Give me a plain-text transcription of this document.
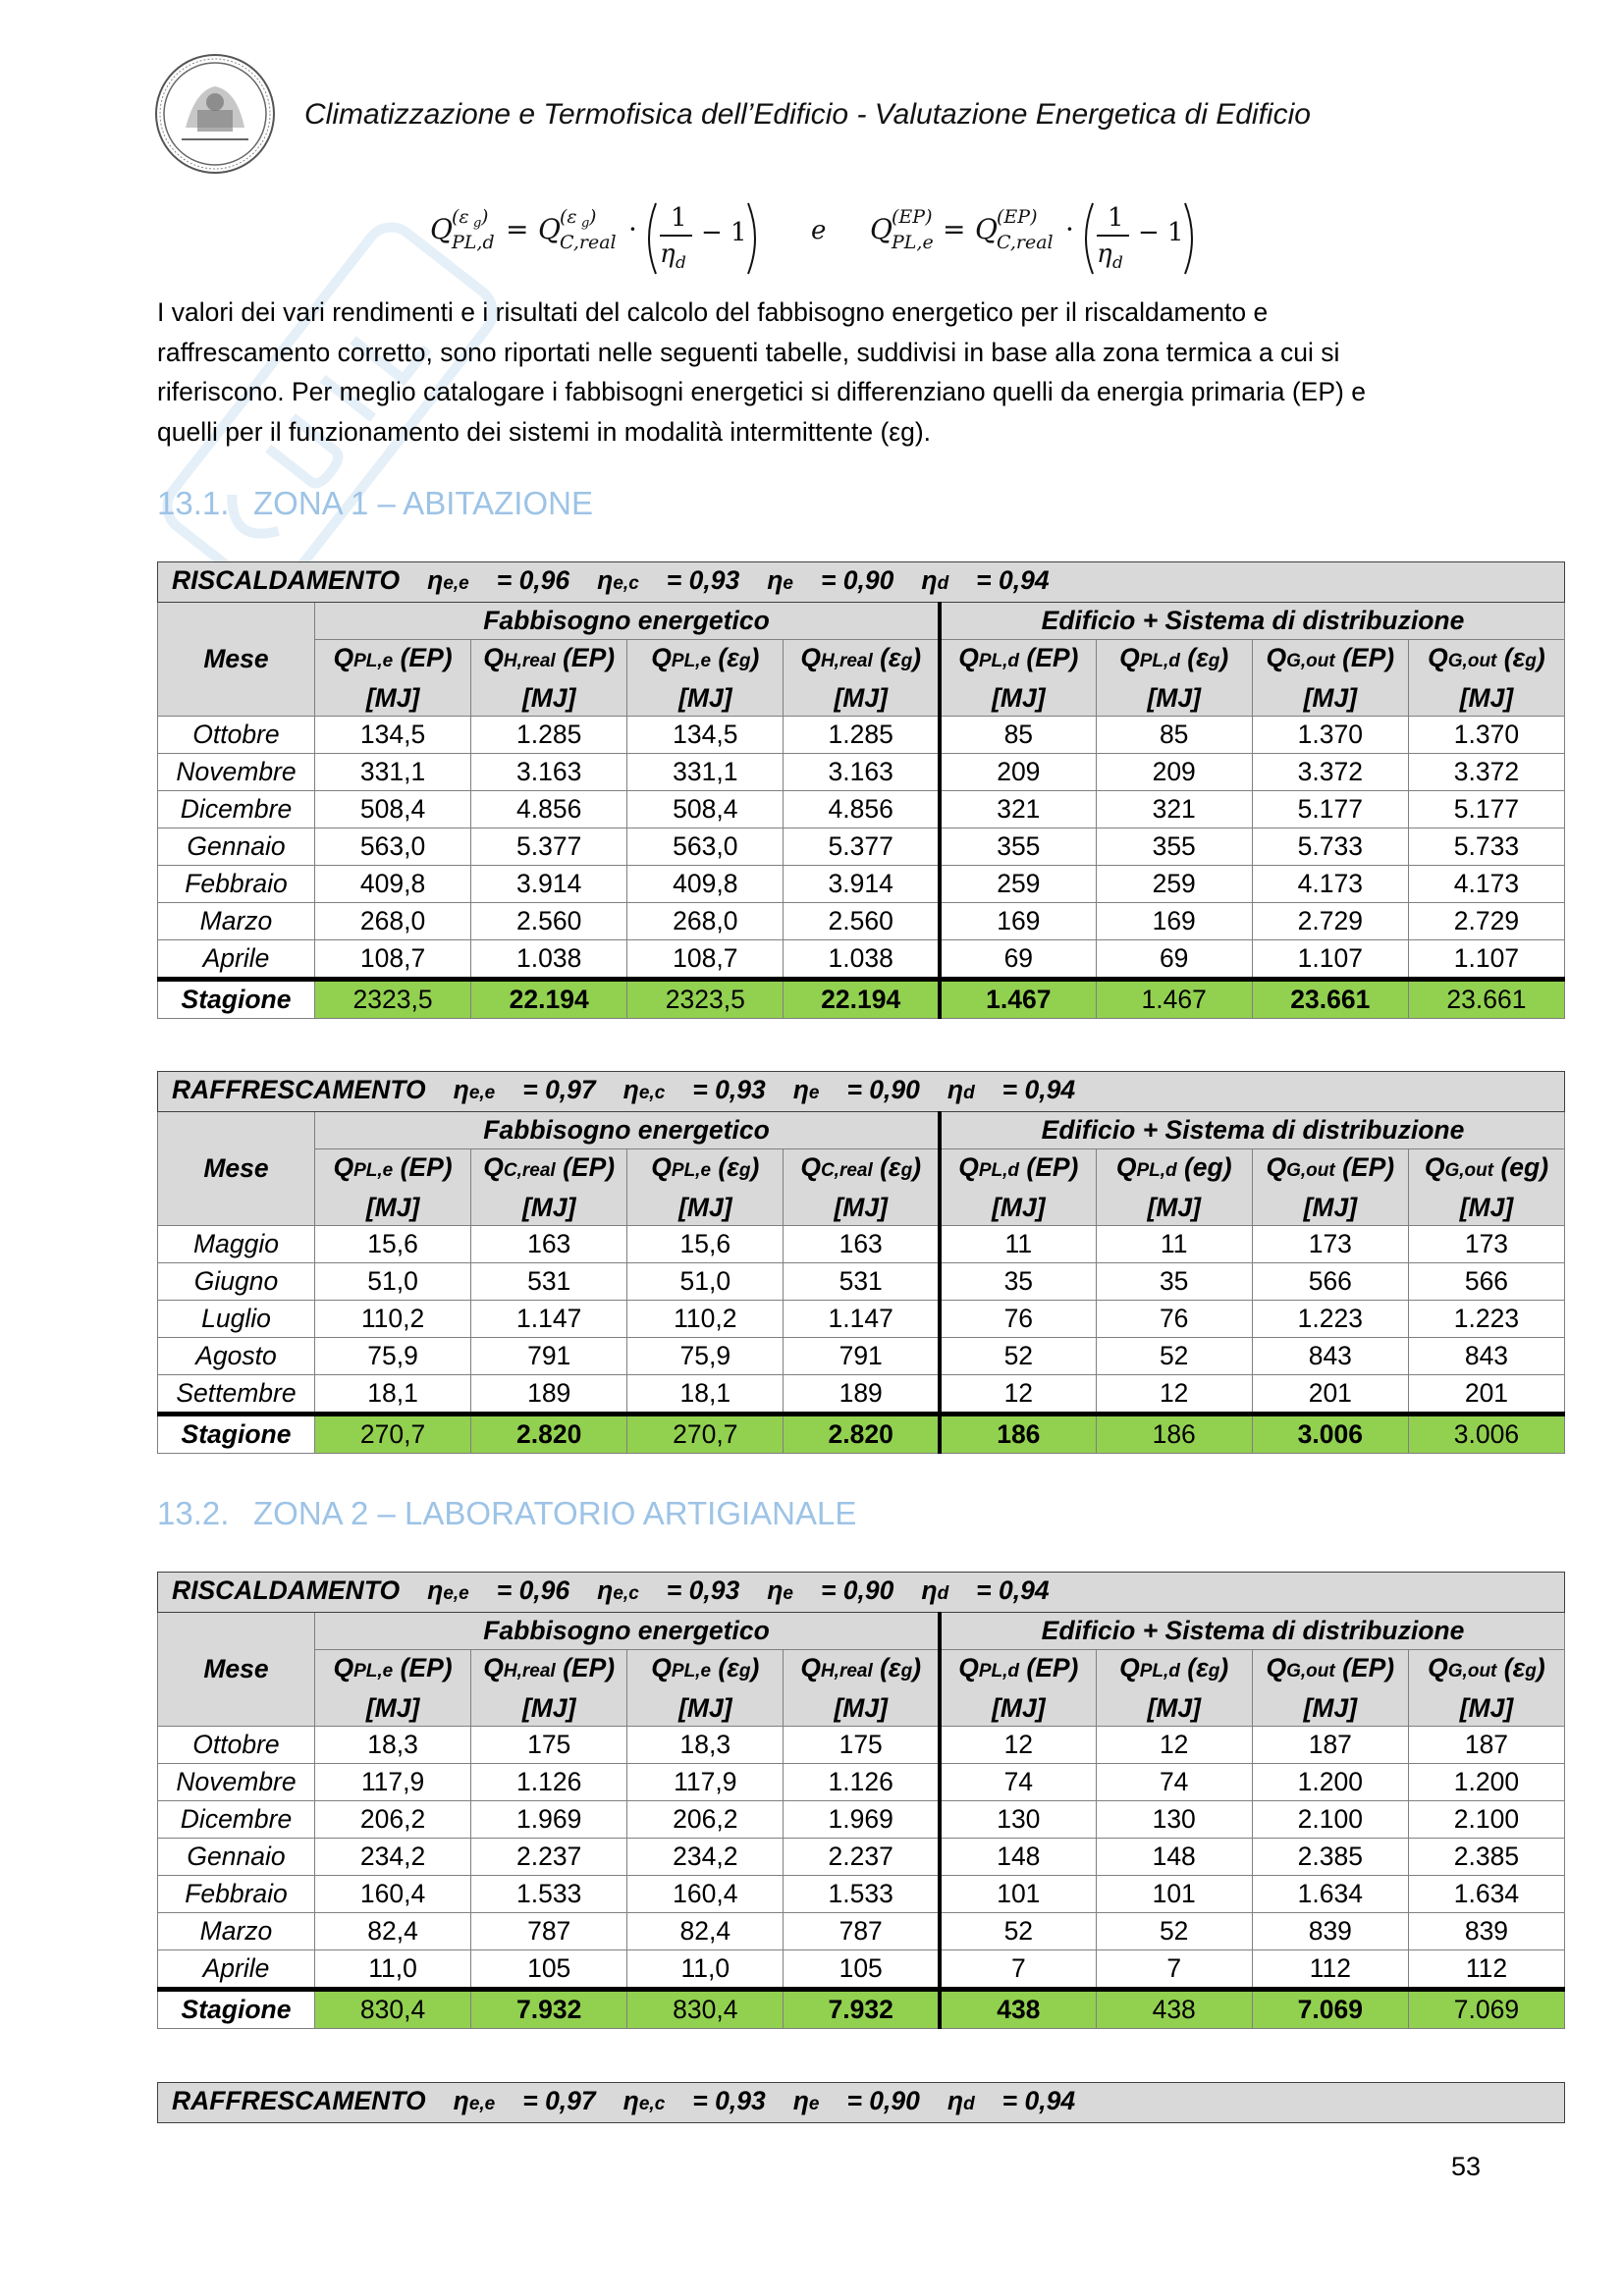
Climatizzazione e Termofisica dell’Edificio - Valutazione Energetica di Edificio
Q (ε g )
PL,d = Q (ε g )
C,real · 1
η d
− 1	e Q (EP)
PL,e = Q (EP)
C,real · 1
η d
− 1

I valori dei vari rendimenti e i risultati del calcolo del fabbisogno energetico per il riscaldamento e
raffrescamento corretto, sono riportati nelle seguenti tabelle, suddivisi in base alla zona termica a cui si
riferiscono. Per meglio catalogare i fabbisogni energetici si differenziano quelli da energia primaria (EP) e
quelli per il funzionamento dei sistemi in modalità intermittente (εg).

13.1. ZONA 1 – ABITAZIONE
RISCALDAMENTO ηe,e = 0,96 ηe,c = 0,93 ηe = 0,90 ηd = 0,94								
Mese	Fabbisogno energetico				Edificio + Sistema di distribuzione			
	QPL,e (EP)	QH,real (EP)	QPL,e (εg)	QH,real (εg)	QPL,d (EP)	QPL,d (εg)	QG,out (EP)	QG,out (εg)
	[MJ]	[MJ]	[MJ]	[MJ]	[MJ]	[MJ]	[MJ]	[MJ]
Ottobre	134,5	1.285	134,5	1.285	85	85	1.370	1.370
Novembre	331,1	3.163	331,1	3.163	209	209	3.372	3.372
Dicembre	508,4	4.856	508,4	4.856	321	321	5.177	5.177
Gennaio	563,0	5.377	563,0	5.377	355	355	5.733	5.733
Febbraio	409,8	3.914	409,8	3.914	259	259	4.173	4.173
Marzo	268,0	2.560	268,0	2.560	169	169	2.729	2.729
Aprile	108,7	1.038	108,7	1.038	69	69	1.107	1.107
Stagione	2323,5	22.194	2323,5	22.194	1.467	1.467	23.661	23.661
RAFFRESCAMENTO ηe,e = 0,97 ηe,c = 0,93 ηe = 0,90 ηd = 0,94								
Mese	Fabbisogno energetico				Edificio + Sistema di distribuzione			
	QPL,e (EP)	QC,real (EP)	QPL,e (εg)	QC,real (εg)	QPL,d (EP)	QPL,d (eg)	QG,out (EP)	QG,out (eg)
	[MJ]	[MJ]	[MJ]	[MJ]	[MJ]	[MJ]	[MJ]	[MJ]
Maggio	15,6	163	15,6	163	11	11	173	173
Giugno	51,0	531	51,0	531	35	35	566	566
Luglio	110,2	1.147	110,2	1.147	76	76	1.223	1.223
Agosto	75,9	791	75,9	791	52	52	843	843
Settembre	18,1	189	18,1	189	12	12	201	201
Stagione	270,7	2.820	270,7	2.820	186	186	3.006	3.006
13.2. ZONA 2 – LABORATORIO ARTIGIANALE
RISCALDAMENTO ηe,e = 0,96 ηe,c = 0,93 ηe = 0,90 ηd = 0,94								
Mese	Fabbisogno energetico				Edificio + Sistema di distribuzione			
	QPL,e (EP)	QH,real (EP)	QPL,e (εg)	QH,real (εg)	QPL,d (EP)	QPL,d (εg)	QG,out (EP)	QG,out (εg)
	[MJ]	[MJ]	[MJ]	[MJ]	[MJ]	[MJ]	[MJ]	[MJ]
Ottobre	18,3	175	18,3	175	12	12	187	187
Novembre	117,9	1.126	117,9	1.126	74	74	1.200	1.200
Dicembre	206,2	1.969	206,2	1.969	130	130	2.100	2.100
Gennaio	234,2	2.237	234,2	2.237	148	148	2.385	2.385
Febbraio	160,4	1.533	160,4	1.533	101	101	1.634	1.634
Marzo	82,4	787	82,4	787	52	52	839	839
Aprile	11,0	105	11,0	105	7	7	112	112
Stagione	830,4	7.932	830,4	7.932	438	438	7.069	7.069
RAFFRESCAMENTO ηe,e = 0,97 ηe,c = 0,93 ηe = 0,90 ηd = 0,94
53
